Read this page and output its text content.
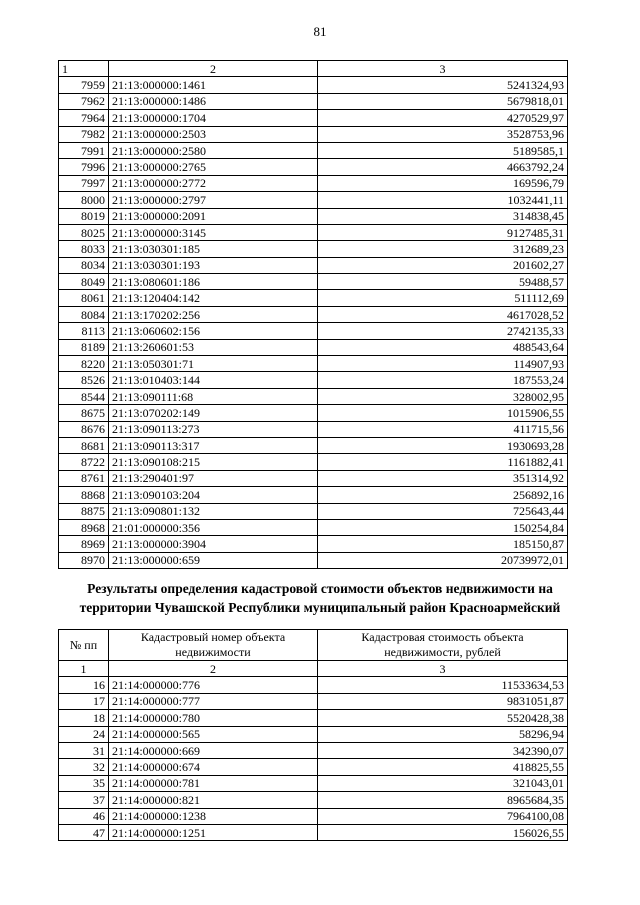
81
1	2	3
7959	21:13:000000:1461	5241324,93
7962	21:13:000000:1486	5679818,01
7964	21:13:000000:1704	4270529,97
7982	21:13:000000:2503	3528753,96
7991	21:13:000000:2580	5189585,1
7996	21:13:000000:2765	4663792,24
7997	21:13:000000:2772	169596,79
8000	21:13:000000:2797	1032441,11
8019	21:13:000000:2091	314838,45
8025	21:13:000000:3145	9127485,31
8033	21:13:030301:185	312689,23
8034	21:13:030301:193	201602,27
8049	21:13:080601:186	59488,57
8061	21:13:120404:142	511112,69
8084	21:13:170202:256	4617028,52
8113	21:13:060602:156	2742135,33
8189	21:13:260601:53	488543,64
8220	21:13:050301:71	114907,93
8526	21:13:010403:144	187553,24
8544	21:13:090111:68	328002,95
8675	21:13:070202:149	1015906,55
8676	21:13:090113:273	411715,56
8681	21:13:090113:317	1930693,28
8722	21:13:090108:215	1161882,41
8761	21:13:290401:97	351314,92
8868	21:13:090103:204	256892,16
8875	21:13:090801:132	725643,44
8968	21:01:000000:356	150254,84
8969	21:13:000000:3904	185150,87
8970	21:13:000000:659	20739972,01
Результаты определения кадастровой стоимости объектов недвижимости на
территории Чувашской Республики муниципальный район Красноармейский
№ пп	Кадастровый номер объекта недвижимости	Кадастровая стоимость объекта недвижимости, рублей
1	2	3
16	21:14:000000:776	11533634,53
17	21:14:000000:777	9831051,87
18	21:14:000000:780	5520428,38
24	21:14:000000:565	58296,94
31	21:14:000000:669	342390,07
32	21:14:000000:674	418825,55
35	21:14:000000:781	321043,01
37	21:14:000000:821	8965684,35
46	21:14:000000:1238	7964100,08
47	21:14:000000:1251	156026,55
